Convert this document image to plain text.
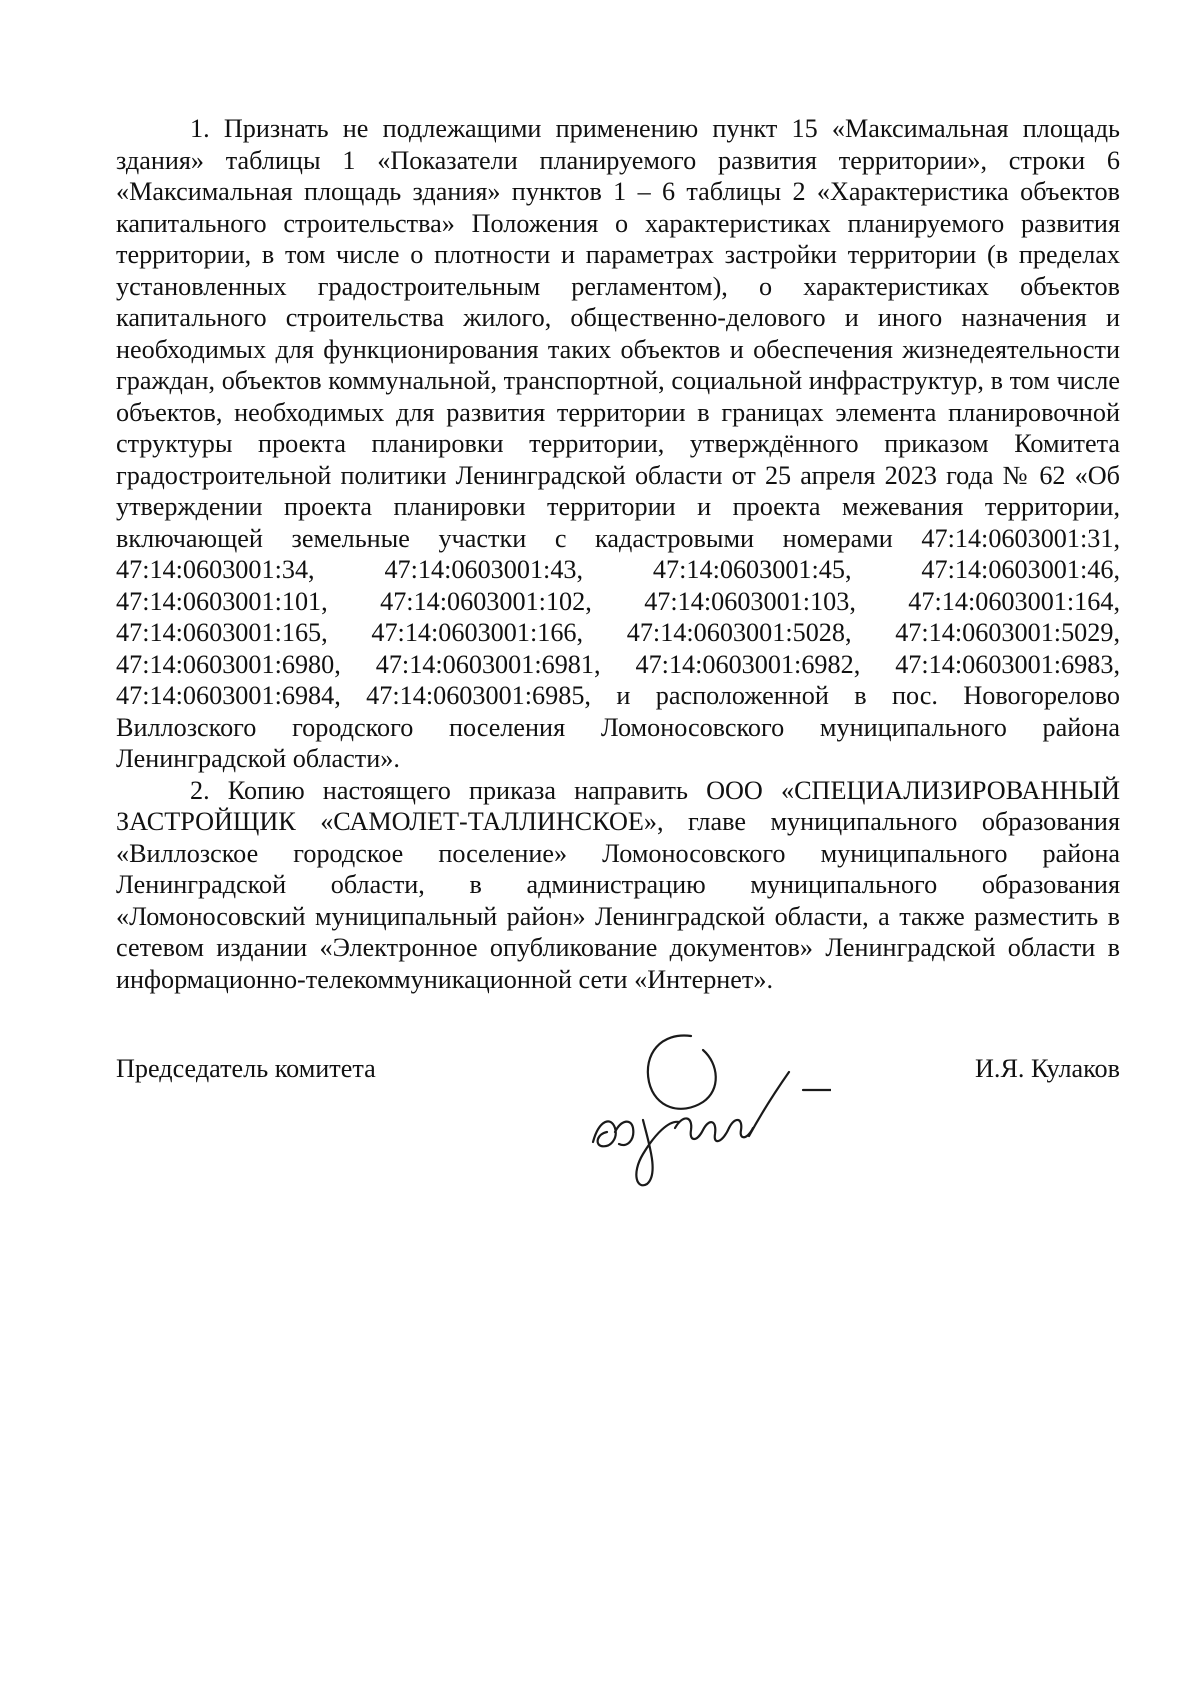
1. Признать не подлежащими применению пункт 15 «Максимальная площадь здания» таблицы 1 «Показатели планируемого развития территории», строки 6 «Максимальная площадь здания» пунктов 1 – 6 таблицы 2 «Характеристика объектов капитального строительства» Положения о характеристиках планируемого развития территории, в том числе о плотности и параметрах застройки территории (в пределах установленных градостроительным регламентом), о характеристиках объектов капитального строительства жилого, общественно-делового и иного назначения и необходимых для функционирования таких объектов и обеспечения жизнедеятельности граждан, объектов коммунальной, транспортной, социальной инфраструктур, в том числе объектов, необходимых для развития территории в границах элемента планировочной структуры проекта планировки территории, утверждённого приказом Комитета градостроительной политики Ленинградской области от 25 апреля 2023 года № 62 «Об утверждении проекта планировки территории и проекта межевания территории, включающей земельные участки с кадастровыми номерами 47:14:0603001:31, 47:14:0603001:34, 47:14:0603001:43, 47:14:0603001:45, 47:14:0603001:46, 47:14:0603001:101, 47:14:0603001:102, 47:14:0603001:103, 47:14:0603001:164, 47:14:0603001:165, 47:14:0603001:166, 47:14:0603001:5028, 47:14:0603001:5029, 47:14:0603001:6980, 47:14:0603001:6981, 47:14:0603001:6982, 47:14:0603001:6983, 47:14:0603001:6984, 47:14:0603001:6985, и расположенной в пос. Новогорелово Виллозского городского поселения Ломоносовского муниципального района Ленинградской области».

2. Копию настоящего приказа направить ООО «СПЕЦИАЛИЗИРОВАННЫЙ ЗАСТРОЙЩИК «САМОЛЕТ-ТАЛЛИНСКОЕ», главе муниципального образования «Виллозское городское поселение» Ломоносовского муниципального района Ленинградской области, в администрацию муниципального образования «Ломоносовский муниципальный район» Ленинградской области, а также разместить в сетевом издании «Электронное опубликование документов» Ленинградской области в информационно-телекоммуникационной сети «Интернет».

Председатель комитета	И.Я. Кулаков
